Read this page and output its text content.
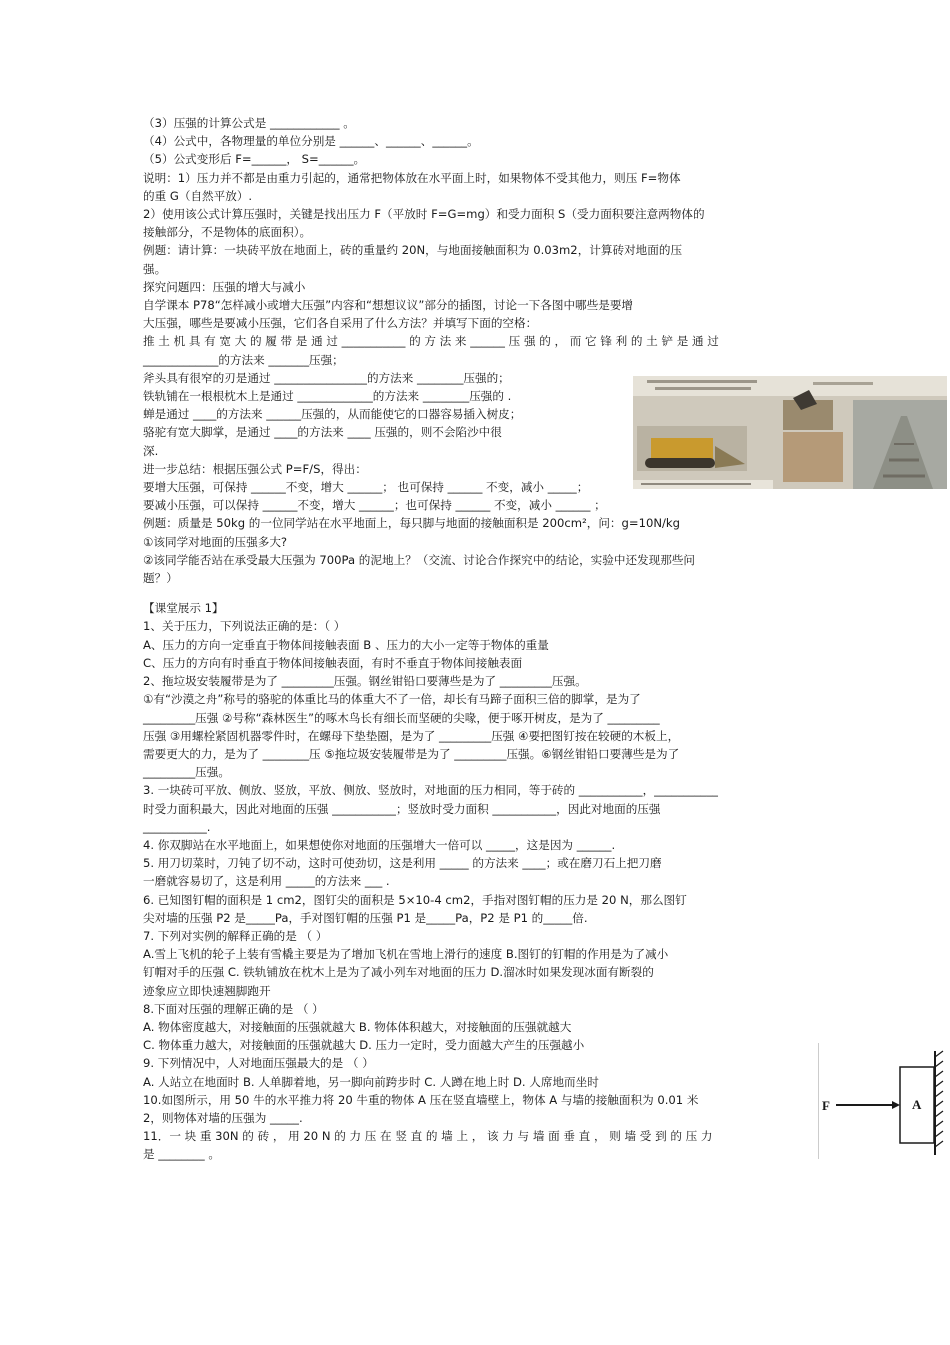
（3）压强的计算公式是 ____________ 。

（4）公式中，各物理量的单位分别是 ______、______、______。

（5）公式变形后 F=______， S=______。

说明：1）压力并不都是由重力引起的，通常把物体放在水平面上时，如果物体不受其他力，则压 F=物体

的重 G（自然平放）.

2）使用该公式计算压强时，关键是找出压力 F（平放时 F=G=mg）和受力面积 S（受力面积要注意两物体的

接触部分，不是物体的底面积）。

例题：请计算：一块砖平放在地面上，砖的重量约 20N，与地面接触面积为 0.03m2，计算砖对地面的压

强。

探究问题四：压强的增大与减小

自学课本 P78“怎样减小或增大压强”内容和“想想议议”部分的插图，讨论一下各图中哪些是要增

大压强，哪些是要减小压强，它们各自采用了什么方法？并填写下面的空格：

推 土 机 具 有 宽 大 的 履 带 是 通 过 ___________ 的 方 法 来 ______ 压 强 的 ， 而 它 锋 利 的 土 铲 是 通 过

_____________的方法来 _______压强；

斧头具有很窄的刃是通过 ________________的方法来 ________压强的；

铁轨铺在一根根枕木上是通过 _____________的方法来 ________压强的 .

蝉是通过 ____的方法来 ______压强的，从而能使它的口器容易插入树皮；

骆驼有宽大脚掌，是通过 ____的方法来 ____ 压强的，则不会陷沙中很

深.

进一步总结：根据压强公式 P=F/S，得出：

要增大压强，可保持 ______不变，增大 ______； 也可保持 ______ 不变，减小 _____；

要减小压强，可以保持 ______不变，增大 ______；也可保持 ______ 不变，减小 ______ ；

例题：质量是 50kg 的一位同学站在水平地面上，每只脚与地面的接触面积是 200cm²，问：g=10N/kg

①该同学对地面的压强多大?

②该同学能否站在承受最大压强为 700Pa 的泥地上？（交流、讨论合作探究中的结论，实验中还发现那些问

题？）

【课堂展示 1】

1、关于压力，下列说法正确的是：（ ）

A、压力的方向一定垂直于物体间接触表面 B 、压力的大小一定等于物体的重量

C、压力的方向有时垂直于物体间接触表面，有时不垂直于物体间接触表面

2、拖垃圾安装履带是为了 _________压强。钢丝钳铅口要薄些是为了 _________压强。

①有“沙漠之舟”称号的骆驼的体重比马的体重大不了一倍，却长有马蹄子面积三倍的脚掌，是为了

_________压强 ②号称“森林医生”的啄木鸟长有细长而坚硬的尖喙，便于啄开树皮，是为了 _________

压强 ③用螺栓紧固机器零件时，在螺母下垫垫圈，是为了 _________压强 ④要把图钉按在较硬的木板上，

需要更大的力，是为了 ________压 ⑤拖垃圾安装履带是为了 _________压强。⑥钢丝钳铅口要薄些是为了

_________压强。

3. 一块砖可平放、侧放、竖放，平放、侧放、竖放时，对地面的压力相同，等于砖的 ___________，___________

时受力面积最大，因此对地面的压强 ___________；竖放时受力面积 ___________，因此对地面的压强

___________.

4. 你双脚站在水平地面上，如果想使你对地面的压强增大一倍可以 _____，这是因为 ______.

5. 用刀切菜时，刀钝了切不动，这时可使劲切，这是利用 _____ 的方法来 ____；或在磨刀石上把刀磨

一磨就容易切了，这是利用 _____的方法来 ___ .

6. 已知图钉帽的面积是 1 cm2，图钉尖的面积是 5×10-4 cm2，手指对图钉帽的压力是 20 N，那么图钉

尖对墙的压强 P2 是_____Pa，手对图钉帽的压强 P1 是_____Pa，P2 是 P1 的_____倍.

7. 下列对实例的解释正确的是 （ ）

A.雪上飞机的轮子上装有雪橇主要是为了增加飞机在雪地上滑行的速度 B.图钉的钉帽的作用是为了减小

钉帽对手的压强 C. 铁轨铺放在枕木上是为了减小列车对地面的压力 D.溜冰时如果发现冰面有断裂的

迹象应立即快速翘脚跑开

8.下面对压强的理解正确的是 （ ）

A. 物体密度越大，对接触面的压强就越大 B. 物体体积越大，对接触面的压强就越大

C. 物体重力越大，对接触面的压强就越大 D. 压力一定时，受力面越大产生的压强越小

9. 下列情况中，人对地面压强最大的是 （ ）

A. 人站立在地面时 B. 人单脚着地，另一脚向前跨步时 C. 人蹲在地上时 D. 人席地而坐时

10.如图所示，用 50 牛的水平推力将 20 牛重的物体 A 压在竖直墙壁上，物体 A 与墙的接触面积为 0.01 米

2，则物体对墙的压强为 _____.

11．一 块 重 30N 的 砖 ， 用 20 N 的 力 压 在 竖 直 的 墙 上 ， 该 力 与 墙 面 垂 直 ， 则 墙 受 到 的 压 力

是 ________ 。

F	A
